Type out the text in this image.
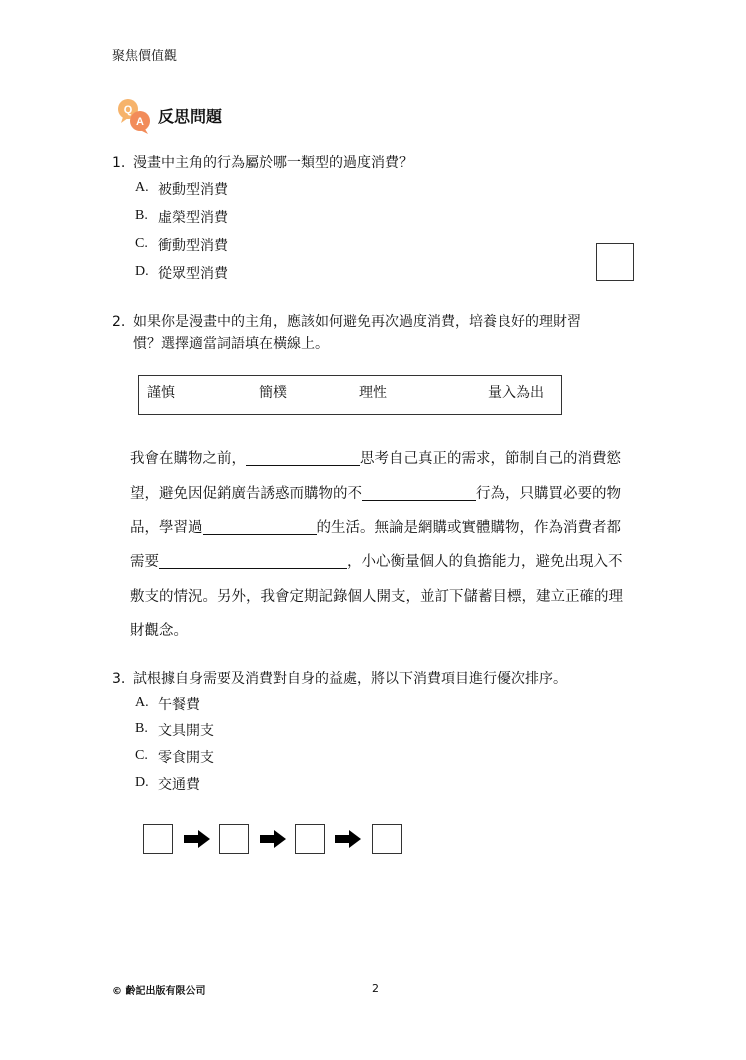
聚焦價值觀
Q
A 反思問題
1. 漫畫中主角的行為屬於哪一類型的過度消費？
A. 被動型消費
B. 虛榮型消費
C. 衝動型消費
D. 從眾型消費
2. 如果你是漫畫中的主角，應該如何避免再次過度消費，培養良好的理財習
慣？選擇適當詞語填在橫線上。
謹慎	簡樸	理性	量入為出
我會在購物之前，	思考自己真正的需求，節制自己的消費慾
望，避免因促銷廣告誘惑而購物的不	行為，只購買必要的物
品，學習過	的生活。無論是網購或實體購物，作為消費者都
需要	，小心衡量個人的負擔能力，避免出現入不
敷支的情況。另外，我會定期記錄個人開支，並訂下儲蓄目標，建立正確的理
財觀念。
3. 試根據自身需要及消費對自身的益處，將以下消費項目進行優次排序。
A. 午餐費
B. 文具開支
C. 零食開支
D. 交通費
© 齡記出版有限公司	2
